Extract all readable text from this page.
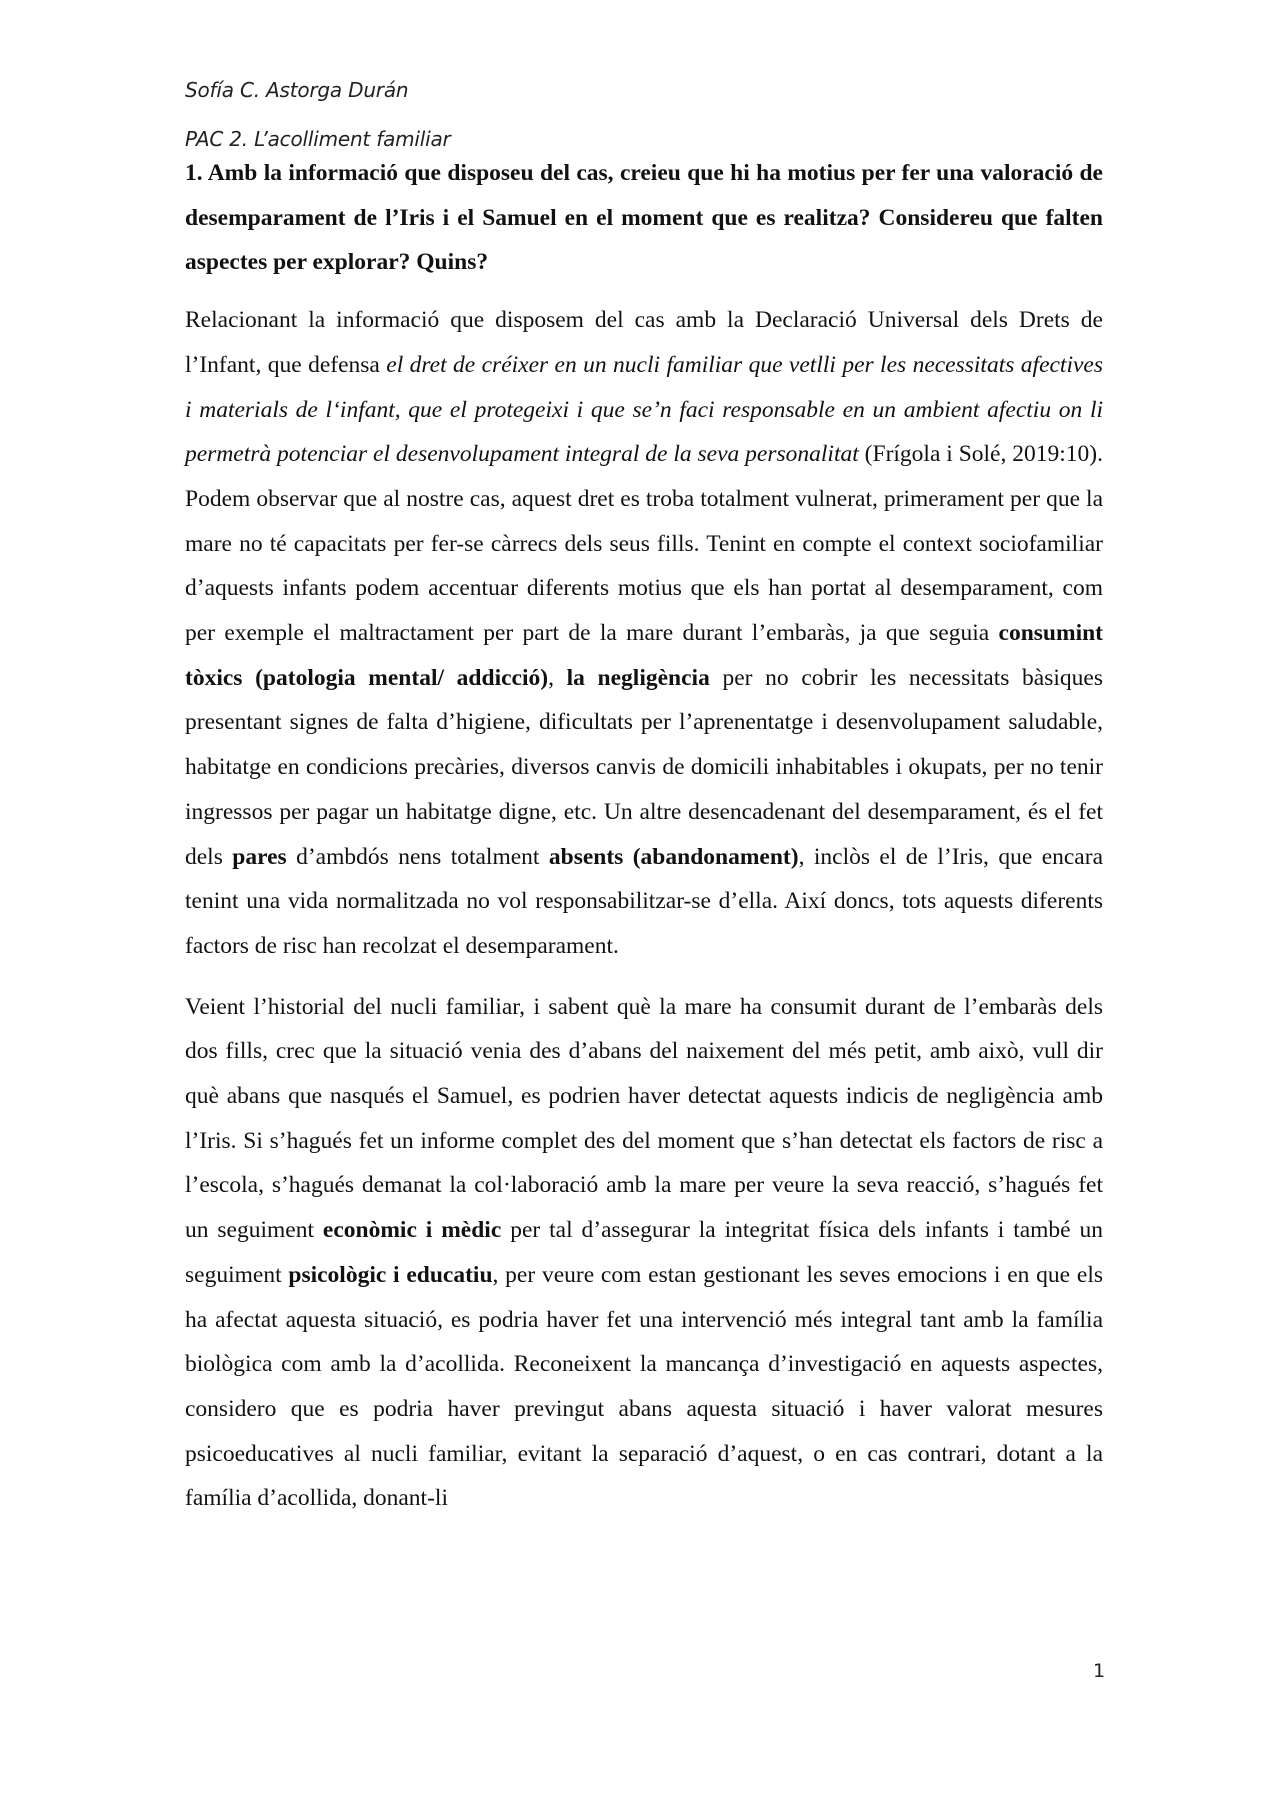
Sofía C. Astorga Durán
PAC 2. L’acolliment familiar

1. Amb la informació que disposeu del cas, creieu que hi ha motius per fer una valoració de desemparament de l’Iris i el Samuel en el moment que es realitza? Considereu que falten aspectes per explorar? Quins?

Relacionant la informació que disposem del cas amb la Declaració Universal dels Drets de l’Infant, que defensa el dret de créixer en un nucli familiar que vetlli per les necessitats afectives i materials de l‘infant, que el protegeixi i que se’n faci responsable en un ambient afectiu on li permetrà potenciar el desenvolupament integral de la seva personalitat (Frígola i Solé, 2019:10). Podem observar que al nostre cas, aquest dret es troba totalment vulnerat, primerament per que la mare no té capacitats per fer-se càrrecs dels seus fills. Tenint en compte el context sociofamiliar d’aquests infants podem accentuar diferents motius que els han portat al desemparament, com per exemple el maltractament per part de la mare durant l’embaràs, ja que seguia consumint tòxics (patologia mental/ addicció), la negligència per no cobrir les necessitats bàsiques presentant signes de falta d’higiene, dificultats per l’aprenentatge i desenvolupament saludable, habitatge en condicions precàries, diversos canvis de domicili inhabitables i okupats, per no tenir ingressos per pagar un habitatge digne, etc. Un altre desencadenant del desemparament, és el fet dels pares d’ambdós nens totalment absents (abandonament), inclòs el de l’Iris, que encara tenint una vida normalitzada no vol responsabilitzar-se d’ella. Així doncs, tots aquests diferents factors de risc han recolzat el desemparament.

Veient l’historial del nucli familiar, i sabent què la mare ha consumit durant de l’embaràs dels dos fills, crec que la situació venia des d’abans del naixement del més petit, amb això, vull dir què abans que nasqués el Samuel, es podrien haver detectat aquests indicis de negligència amb l’Iris. Si s’hagués fet un informe complet des del moment que s’han detectat els factors de risc a l’escola, s’hagués demanat la col·laboració amb la mare per veure la seva reacció, s’hagués fet un seguiment econòmic i mèdic per tal d’assegurar la integritat física dels infants i també un seguiment psicològic i educatiu, per veure com estan gestionant les seves emocions i en que els ha afectat aquesta situació, es podria haver fet una intervenció més integral tant amb la família biològica com amb la d’acollida. Reconeixent la mancança d’investigació en aquests aspectes, considero que es podria haver previngut abans aquesta situació i haver valorat mesures psicoeducatives al nucli familiar, evitant la separació d’aquest, o en cas contrari, dotant a la família d’acollida, donant-li

1
